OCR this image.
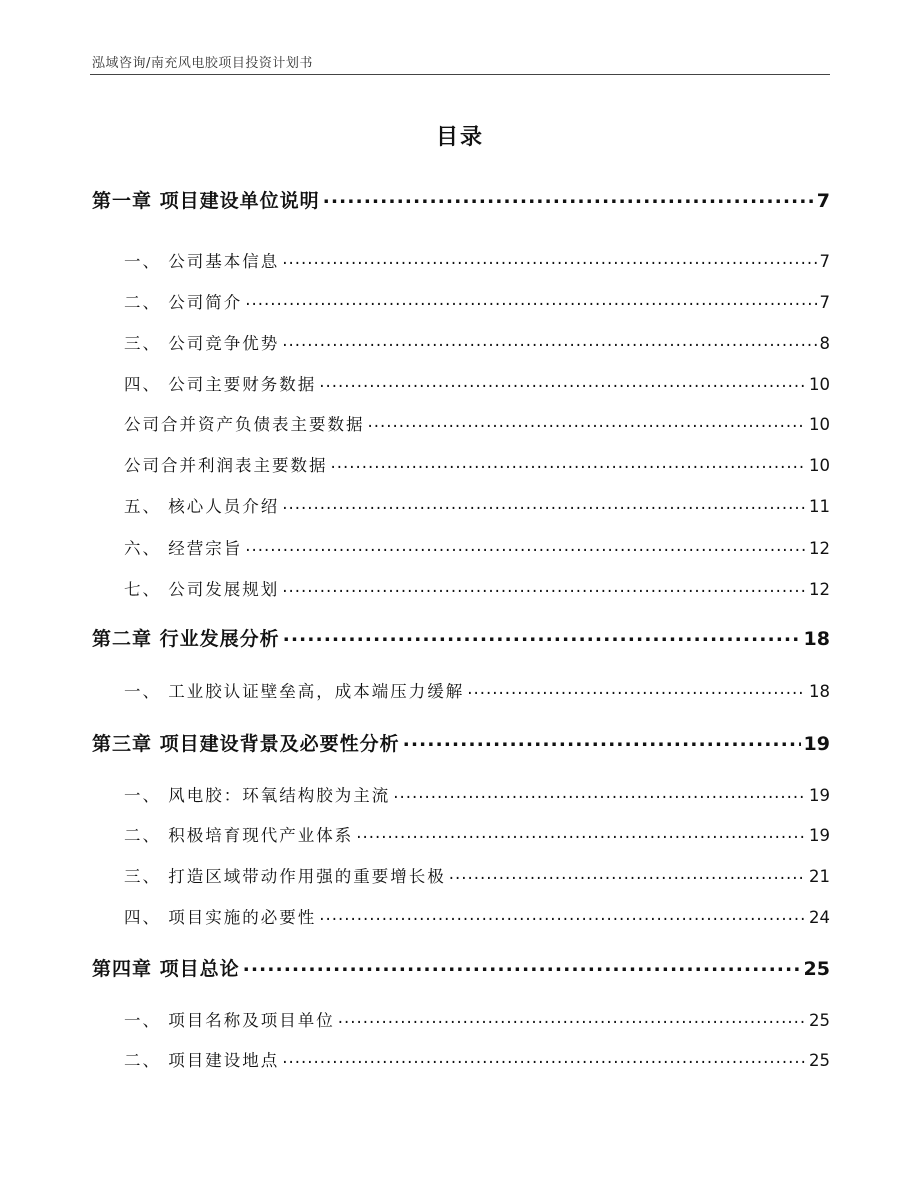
泓域咨询/南充风电胶项目投资计划书
目录
第一章 项目建设单位说明 .....	7
一、 公司基本信息 .....	7
二、 公司简介 .....	7
三、 公司竞争优势 .....	8
四、 公司主要财务数据 .....	10
公司合并资产负债表主要数据 .....	10
公司合并利润表主要数据 .....	10
五、 核心人员介绍 .....	11
六、 经营宗旨 .....	12
七、 公司发展规划 .....	12
第二章 行业发展分析 .....	18
一、 工业胶认证壁垒高，成本端压力缓解 .....	18
第三章 项目建设背景及必要性分析 .....	19
一、 风电胶：环氧结构胶为主流 .....	19
二、 积极培育现代产业体系 .....	19
三、 打造区域带动作用强的重要增长极 .....	21
四、 项目实施的必要性 .....	24
第四章 项目总论 .....	25
一、 项目名称及项目单位 .....	25
二、 项目建设地点 .....	25
